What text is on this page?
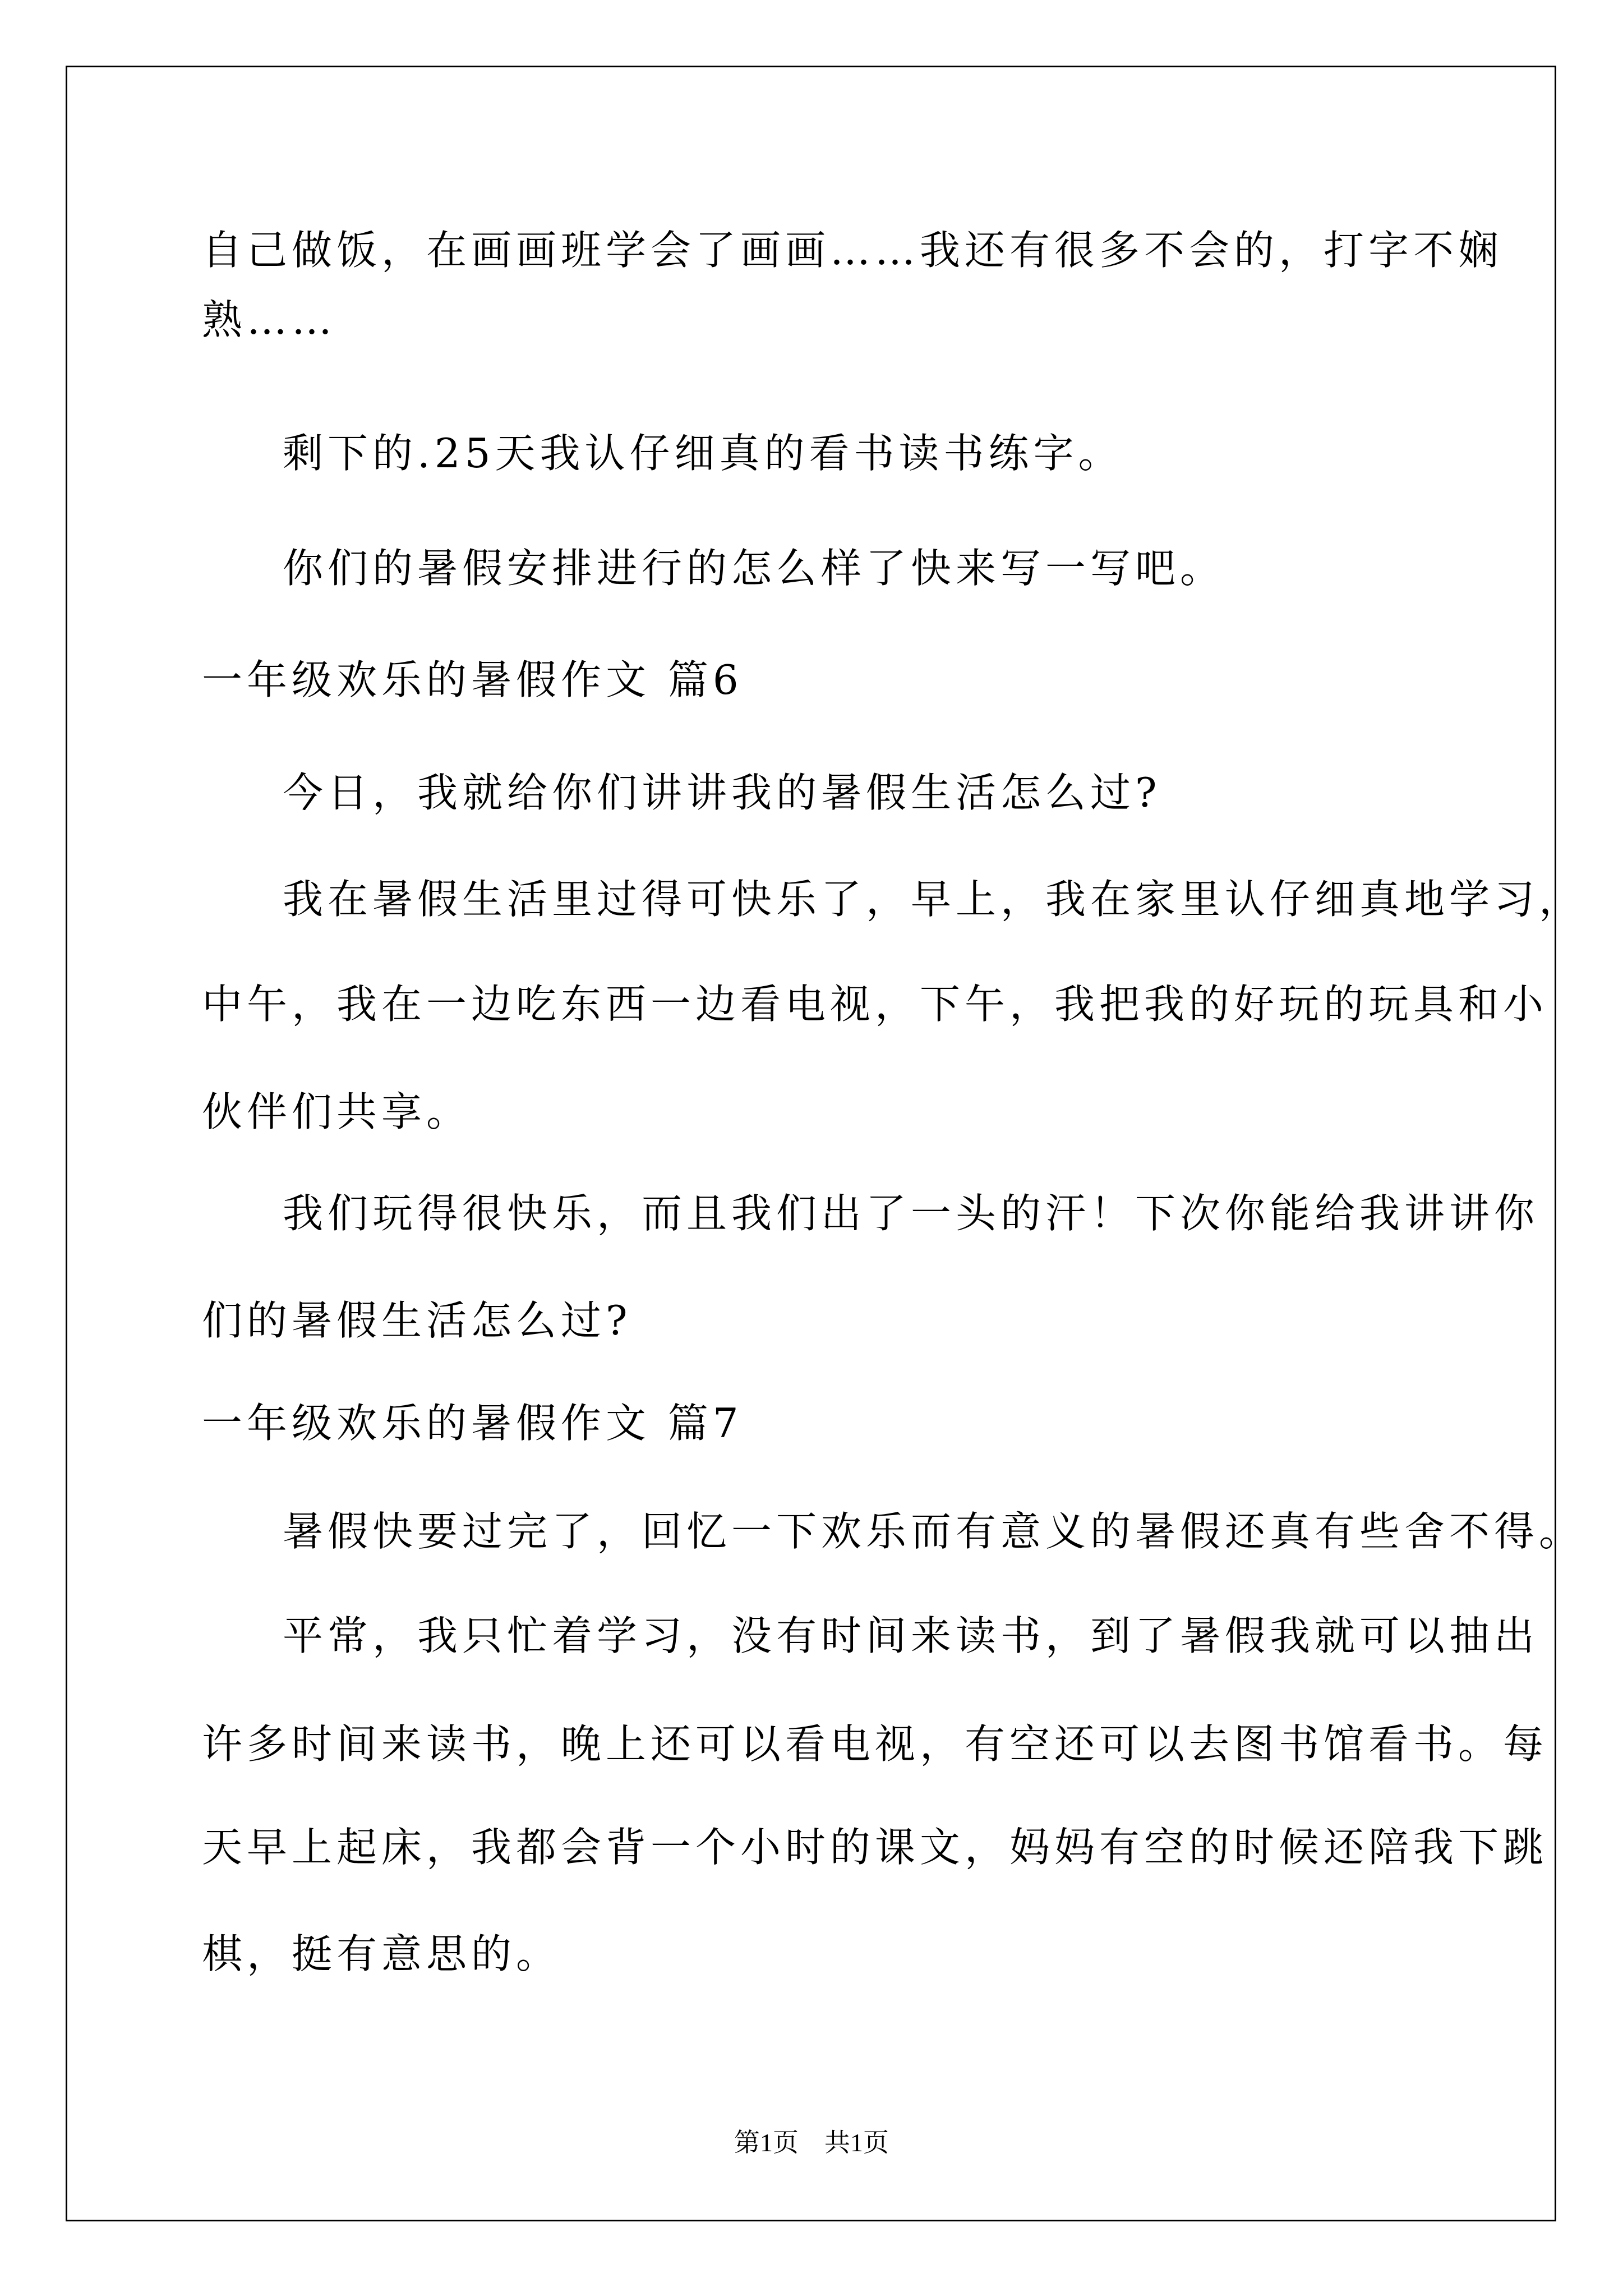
自己做饭，在画画班学会了画画……我还有很多不会的，打字不娴
熟……
剩下的.25天我认仔细真的看书读书练字。
你们的暑假安排进行的怎么样了快来写一写吧。
一年级欢乐的暑假作文 篇6
今日，我就给你们讲讲我的暑假生活怎么过?
我在暑假生活里过得可快乐了，早上，我在家里认仔细真地学习，
中午，我在一边吃东西一边看电视，下午，我把我的好玩的玩具和小
伙伴们共享。
我们玩得很快乐，而且我们出了一头的汗！下次你能给我讲讲你
们的暑假生活怎么过?
一年级欢乐的暑假作文 篇7
暑假快要过完了，回忆一下欢乐而有意义的暑假还真有些舍不得。
平常，我只忙着学习，没有时间来读书，到了暑假我就可以抽出
许多时间来读书，晚上还可以看电视，有空还可以去图书馆看书。每
天早上起床，我都会背一个小时的课文，妈妈有空的时候还陪我下跳
棋，挺有意思的。
第1页　共1页
